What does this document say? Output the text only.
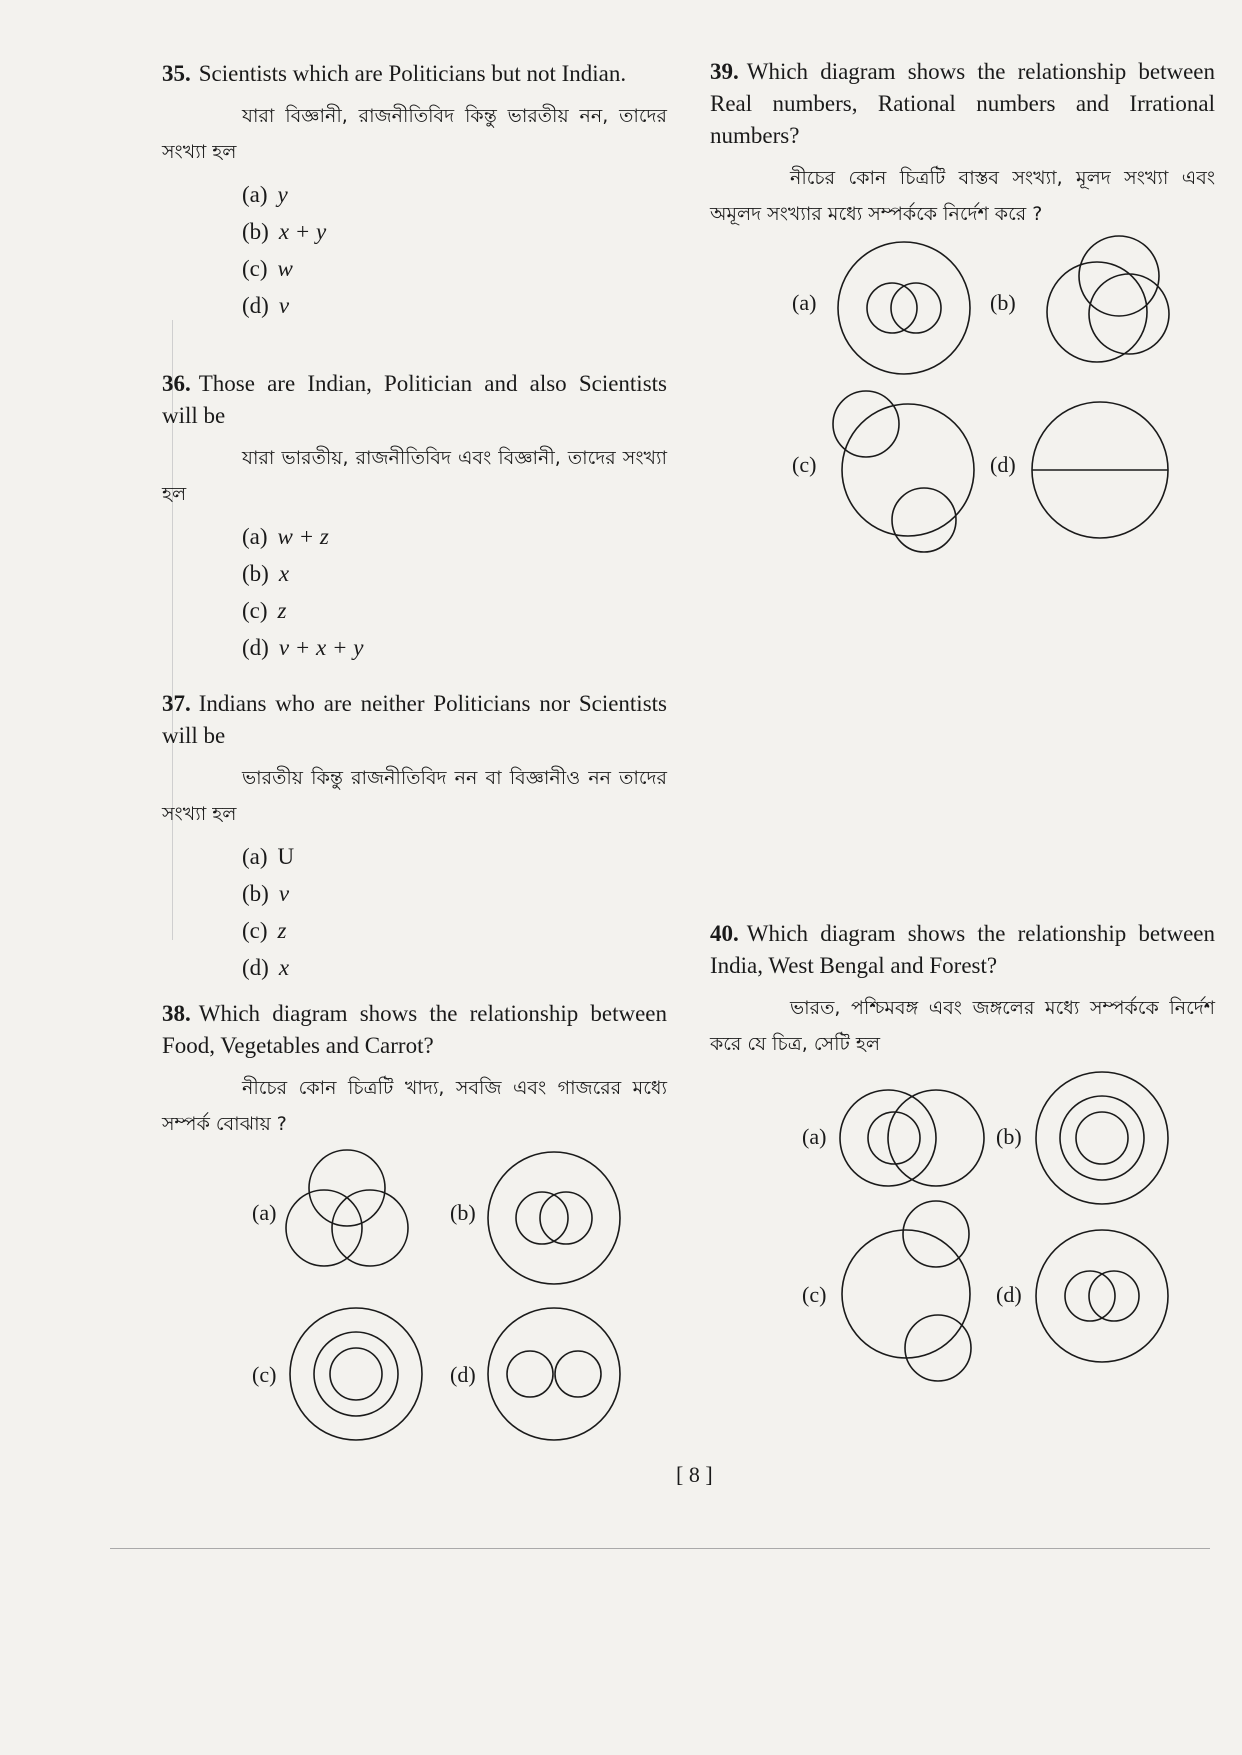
35. Scientists which are Politicians but not Indian.

যারা বিজ্ঞানী, রাজনীতিবিদ কিন্তু ভারতীয় নন, তাদের সংখ্যা হল

(a) y
(b) x + y
(c) w
(d) v

36. Those are Indian, Politician and also Scientists will be

যারা ভারতীয়, রাজনীতিবিদ এবং বিজ্ঞানী, তাদের সংখ্যা হল

(a) w + z
(b) x
(c) z
(d) v + x + y

37. Indians who are neither Politicians nor Scientists will be

ভারতীয় কিন্তু রাজনীতিবিদ নন বা বিজ্ঞানীও নন তাদের সংখ্যা হল

(a) U
(b) v
(c) z
(d) x

38. Which diagram shows the relationship between Food, Vegetables and Carrot?

নীচের কোন চিত্রটি খাদ্য, সবজি এবং গাজরের মধ্যে সম্পর্ক বোঝায় ?

(a)	(b)
(c)	(d)

39. Which diagram shows the relationship between Real numbers, Rational numbers and Irrational numbers?

নীচের কোন চিত্রটি বাস্তব সংখ্যা, মূলদ সংখ্যা এবং অমূলদ সংখ্যার মধ্যে সম্পর্ককে নির্দেশ করে ?

(a)	(b)
(c)	(d)

40. Which diagram shows the relationship between India, West Bengal and Forest?

ভারত, পশ্চিমবঙ্গ এবং জঙ্গলের মধ্যে সম্পর্ককে নির্দেশ করে যে চিত্র, সেটি হল

(a)	(b)
(c)	(d)
[ 8 ]
